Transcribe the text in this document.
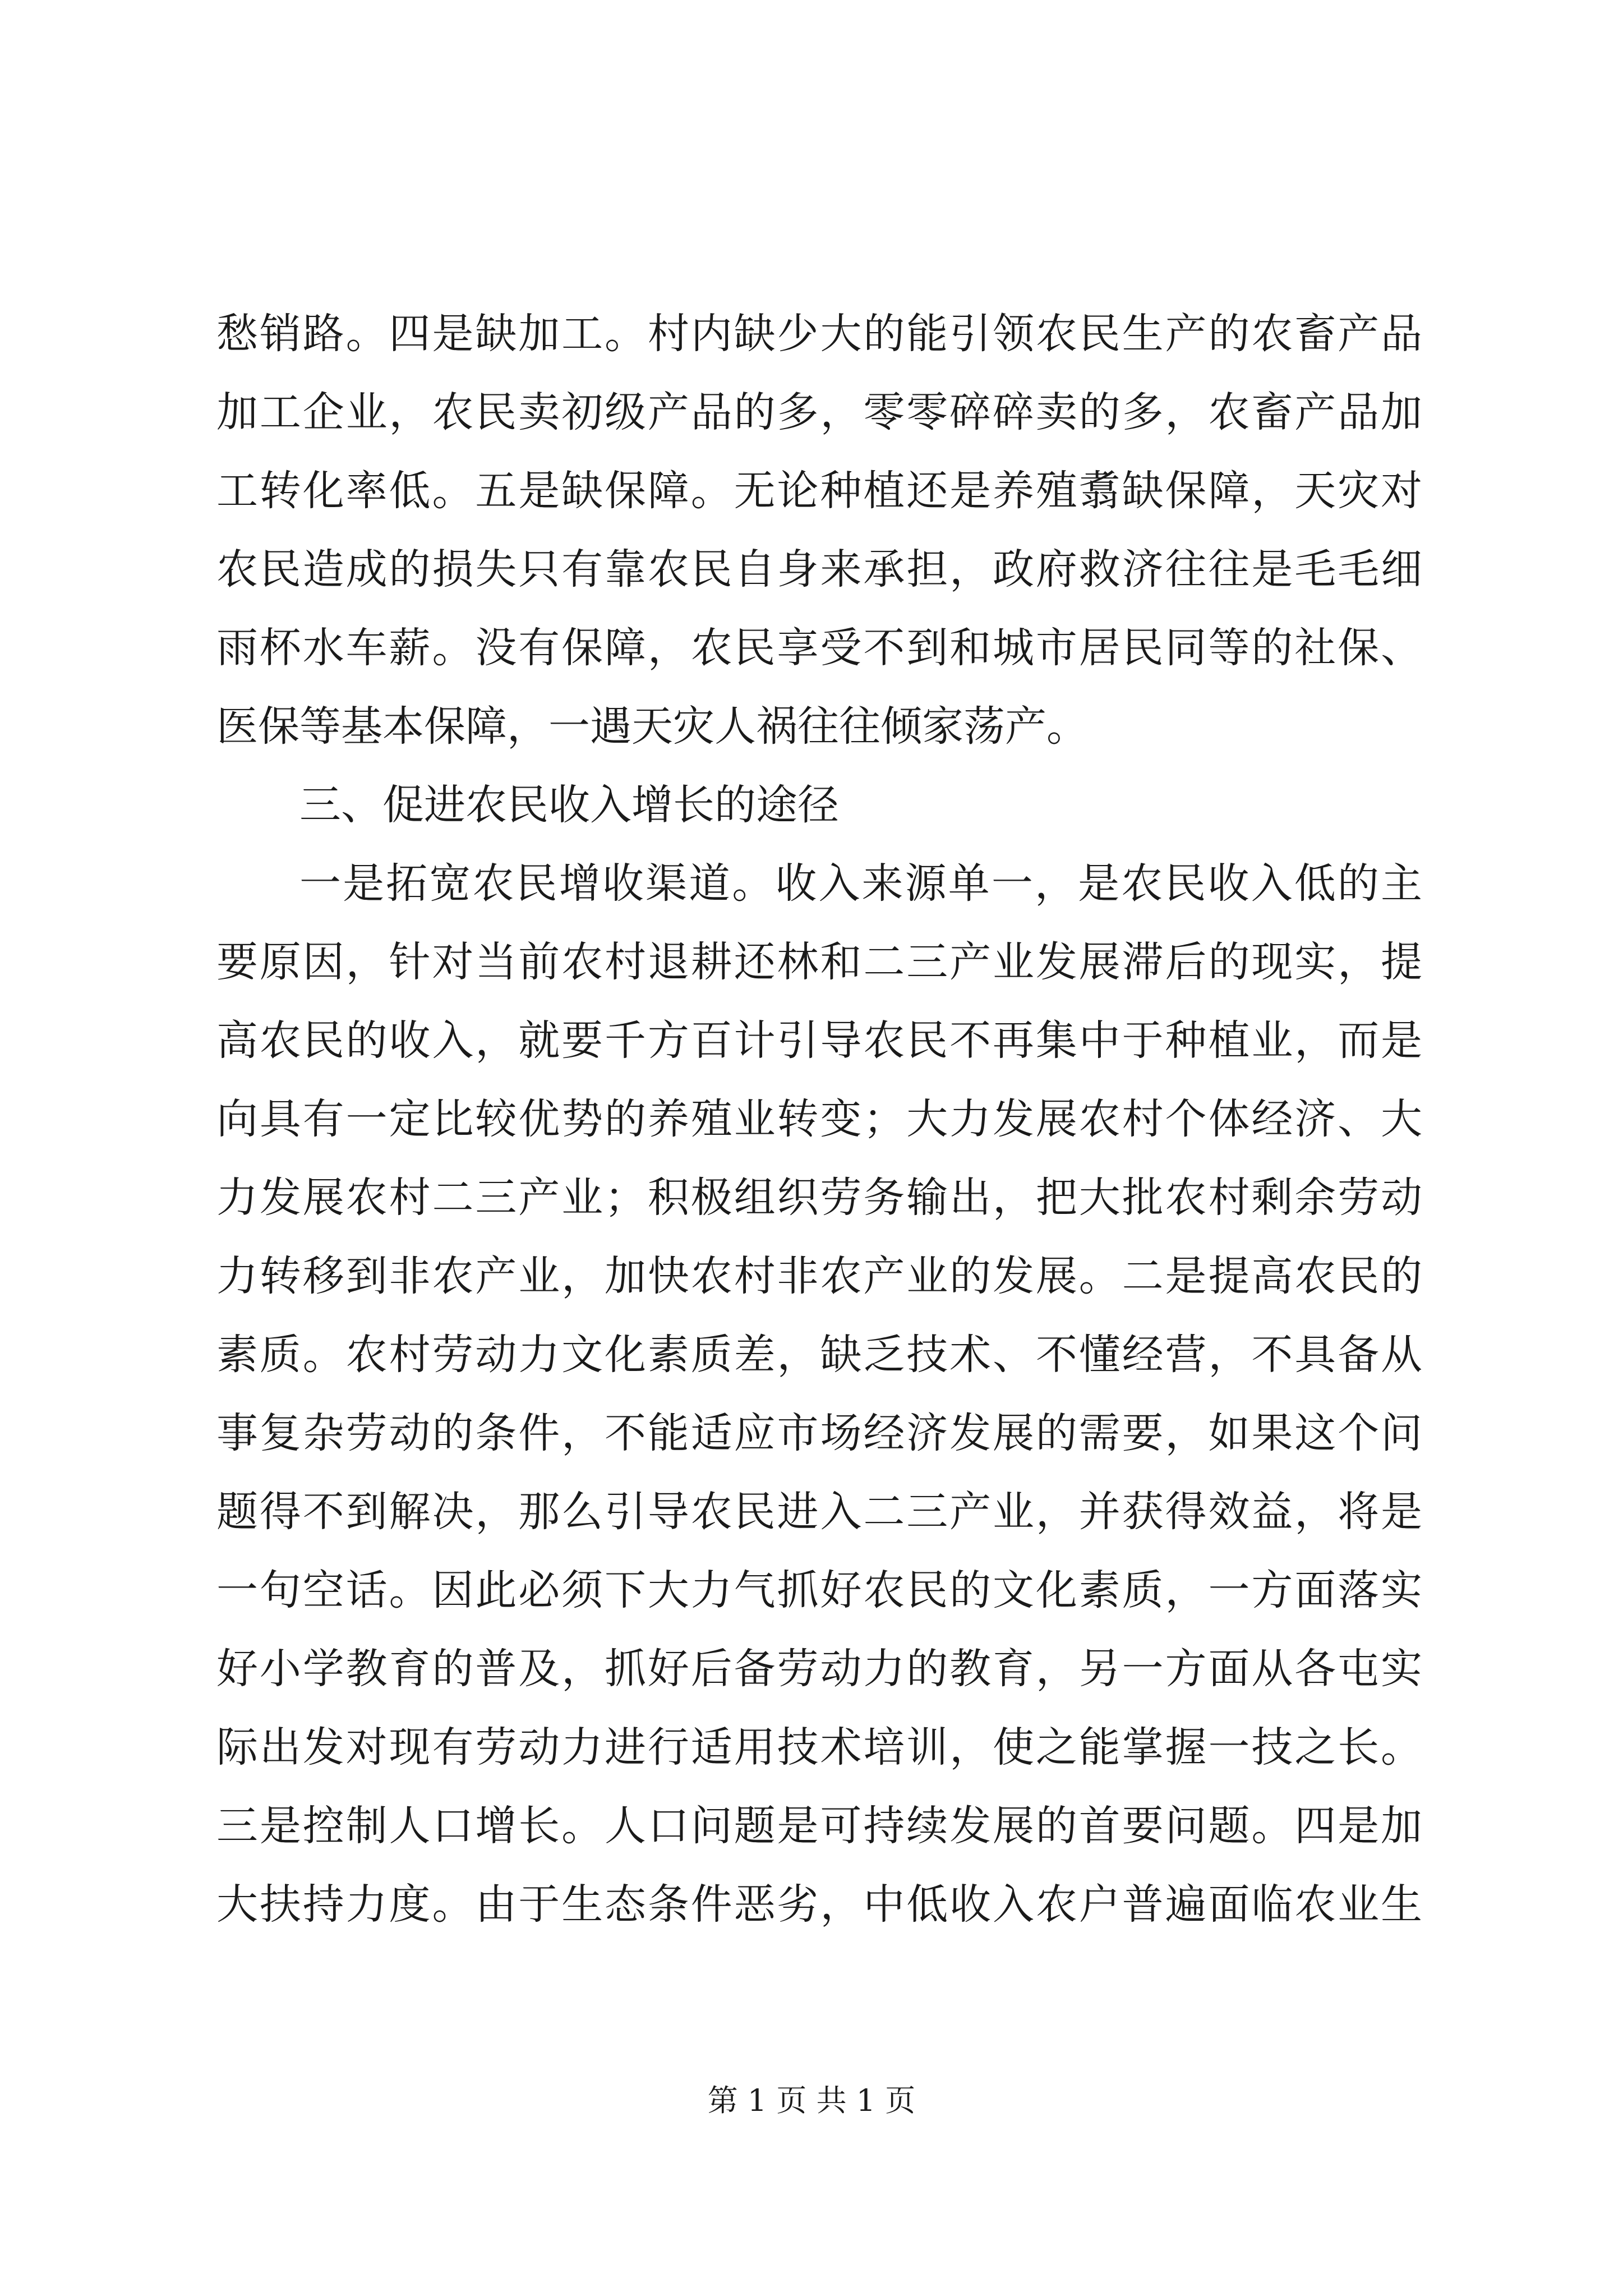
愁销路。四是缺加工。村内缺少大的能引领农民生产的农畜产品
加工企业，农民卖初级产品的多，零零碎碎卖的多，农畜产品加
工转化率低。五是缺保障。无论种植还是养殖翥缺保障，天灾对
农民造成的损失只有靠农民自身来承担，政府救济往往是毛毛细
雨杯水车薪。没有保障，农民享受不到和城市居民同等的社保、
医保等基本保障，一遇天灾人祸往往倾家荡产。
三、促进农民收入增长的途径
一是拓宽农民增收渠道。收入来源单一，是农民收入低的主
要原因，针对当前农村退耕还林和二三产业发展滞后的现实，提
高农民的收入，就要千方百计引导农民不再集中于种植业，而是
向具有一定比较优势的养殖业转变；大力发展农村个体经济、大
力发展农村二三产业；积极组织劳务输出，把大批农村剩余劳动
力转移到非农产业，加快农村非农产业的发展。二是提高农民的
素质。农村劳动力文化素质差，缺乏技术、不懂经营，不具备从
事复杂劳动的条件，不能适应市场经济发展的需要，如果这个问
题得不到解决，那么引导农民进入二三产业，并获得效益，将是
一句空话。因此必须下大力气抓好农民的文化素质，一方面落实
好小学教育的普及，抓好后备劳动力的教育，另一方面从各屯实
际出发对现有劳动力进行适用技术培训，使之能掌握一技之长。
三是控制人口增长。人口问题是可持续发展的首要问题。四是加
大扶持力度。由于生态条件恶劣，中低收入农户普遍面临农业生
第 1 页 共 1 页
